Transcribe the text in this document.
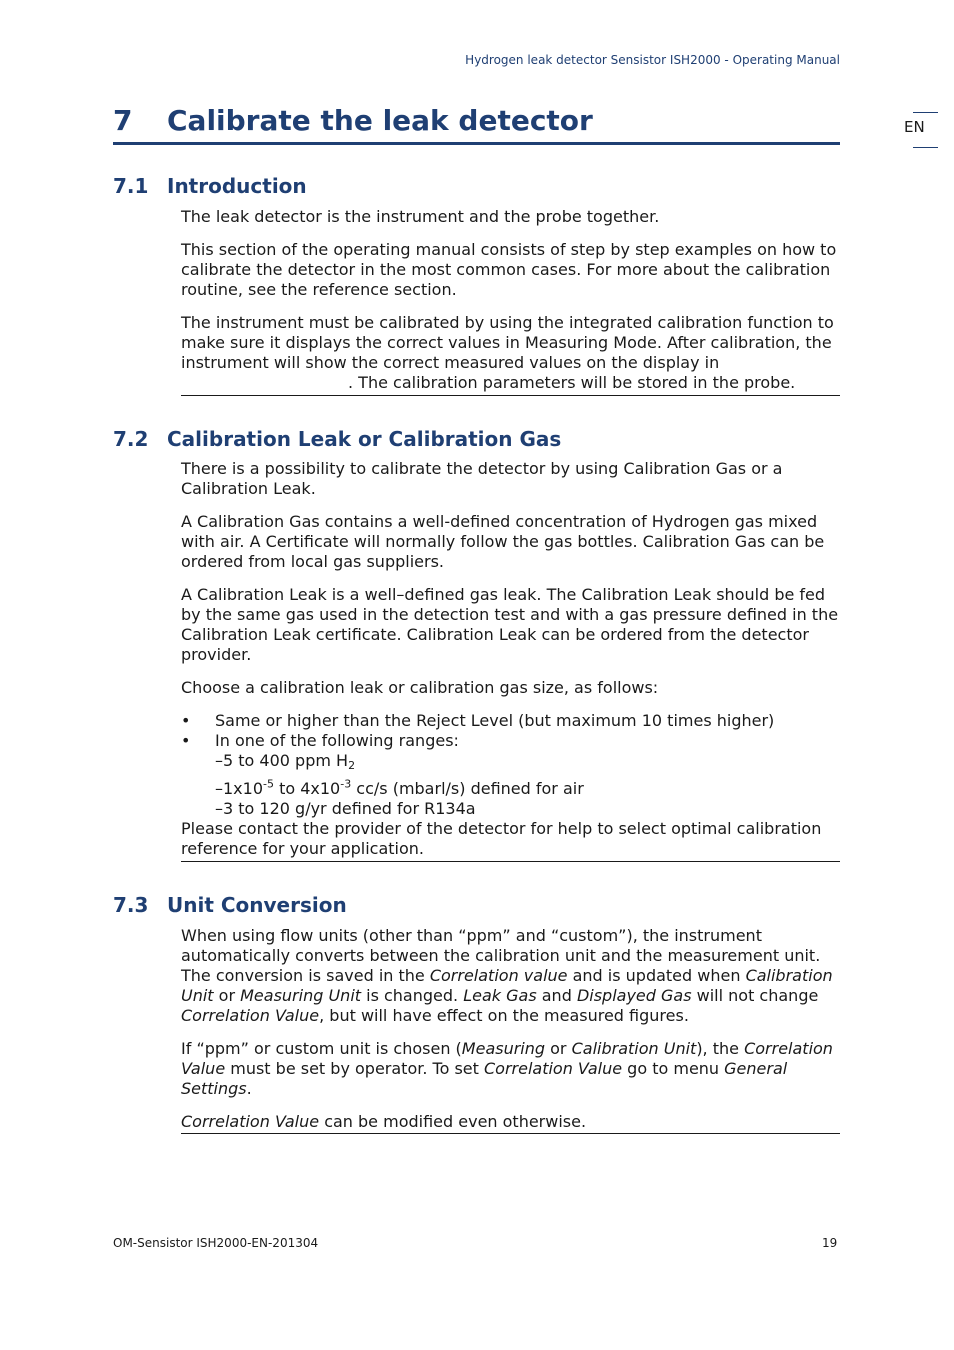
Hydrogen leak detector Sensistor ISH2000 - Operating Manual
EN
7 Calibrate the leak detector
7.1 Introduction

The leak detector is the instrument and the probe together.

This section of the operating manual consists of step by step examples on how to calibrate the detector in the most common cases. For more about the calibration routine, see the reference section.

The instrument must be calibrated by using the integrated calibration function to make sure it displays the correct values in Measuring Mode. After calibration, the instrument will show the correct measured values on the display in
. The calibration parameters will be stored in the probe.

7.2 Calibration Leak or Calibration Gas

There is a possibility to calibrate the detector by using Calibration Gas or a Calibration Leak.

A Calibration Gas contains a well-defined concentration of Hydrogen gas mixed with air. A Certificate will normally follow the gas bottles. Calibration Gas can be ordered from local gas suppliers.

A Calibration Leak is a well–defined gas leak. The Calibration Leak should be fed by the same gas used in the detection test and with a gas pressure defined in the Calibration Leak certificate. Calibration Leak can be ordered from the detector provider.

Choose a calibration leak or calibration gas size, as follows:

• Same or higher than the Reject Level (but maximum 10 times higher)
• In one of the following ranges:
–5 to 400 ppm $H_2$
$-1x10^{-5}$ to $4x10^{-3}$ cc/s (mbarl/s) defined for air
–3 to 120 g/yr defined for R134a

Please contact the provider of the detector for help to select optimal calibration reference for your application.

7.3 Unit Conversion

When using flow units (other than “ppm” and “custom”), the instrument automatically converts between the calibration unit and the measurement unit. The conversion is saved in the Correlation value and is updated when Calibration Unit or Measuring Unit is changed. Leak Gas and Displayed Gas will not change Correlation Value, but will have effect on the measured figures.

If “ppm” or custom unit is chosen (Measuring or Calibration Unit), the Correlation Value must be set by operator. To set Correlation Value go to menu General Settings.

Correlation Value can be modified even otherwise.

OM-Sensistor ISH2000-EN-201304	19
